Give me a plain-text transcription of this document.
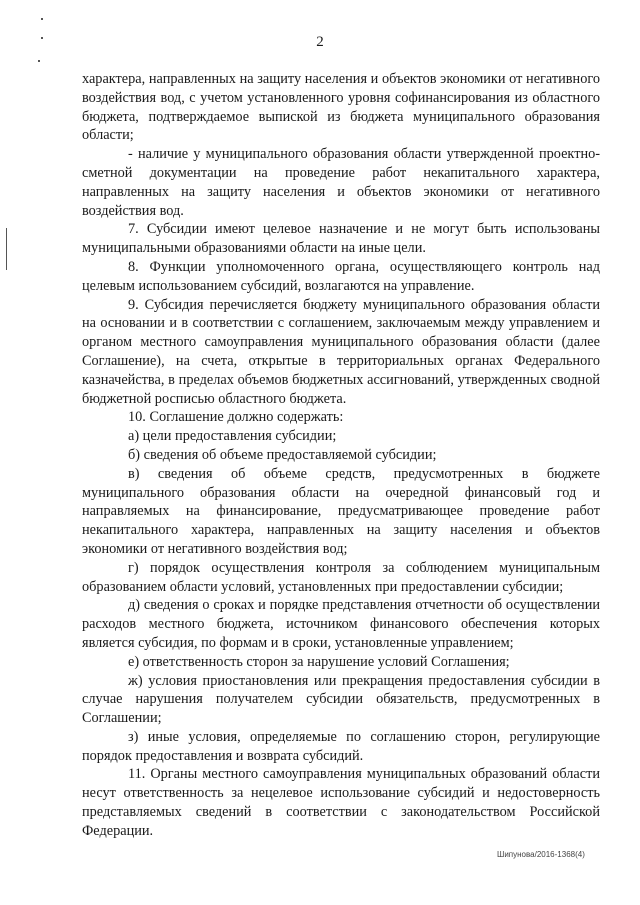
2

характера, направленных на защиту населения и объектов экономики от негативного воздействия вод, с учетом установленного уровня софинансирования из областного бюджета, подтверждаемое выпиской из бюджета муниципального образования области;

- наличие у муниципального образования области утвержденной проектно-сметной документации на проведение работ некапитального характера, направленных на защиту населения и объектов экономики от негативного воздействия вод.

7. Субсидии имеют целевое назначение и не могут быть использованы муниципальными образованиями области на иные цели.

8. Функции уполномоченного органа, осуществляющего контроль над целевым использованием субсидий, возлагаются на управление.

9. Субсидия перечисляется бюджету муниципального образования области на основании и в соответствии с соглашением, заключаемым между управлением и органом местного самоуправления муниципального образования области (далее Соглашение), на счета, открытые в территориальных органах Федерального казначейства, в пределах объемов бюджетных ассигнований, утвержденных сводной бюджетной росписью областного бюджета.

10. Соглашение должно содержать:

а) цели предоставления субсидии;

б) сведения об объеме предоставляемой субсидии;

в) сведения об объеме средств, предусмотренных в бюджете муниципального образования области на очередной финансовый год и направляемых на финансирование, предусматривающее проведение работ некапитального характера, направленных на защиту населения и объектов экономики от негативного воздействия вод;

г) порядок осуществления контроля за соблюдением муниципальным образованием области условий, установленных при предоставлении субсидии;

д) сведения о сроках и порядке представления отчетности об осуществлении расходов местного бюджета, источником финансового обеспечения которых является субсидия, по формам и в сроки, установленные управлением;

е) ответственность сторон за нарушение условий Соглашения;

ж) условия приостановления или прекращения предоставления субсидии в случае нарушения получателем субсидии обязательств, предусмотренных в Соглашении;

з) иные условия, определяемые по соглашению сторон, регулирующие порядок предоставления и возврата субсидий.

11. Органы местного самоуправления муниципальных образований области несут ответственность за нецелевое использование субсидий и недостоверность представляемых сведений в соответствии с законодательством Российской Федерации.

Шипунова/2016-1368(4)
